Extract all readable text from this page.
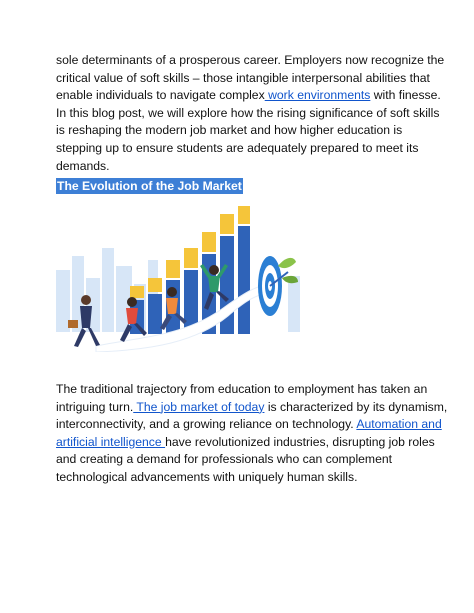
sole determinants of a prosperous career. Employers now recognize the
critical value of soft skills – those intangible interpersonal abilities that
enable individuals to navigate complex work environments with finesse.
In this blog post, we will explore how the rising significance of soft skills
is reshaping the modern job market and how higher education is
stepping up to ensure students are adequately prepared to meet its
demands.
The Evolution of the Job Market
The traditional trajectory from education to employment has taken an
intriguing turn. The job market of today is characterized by its dynamism,
interconnectivity, and a growing reliance on technology. Automation and
artificial intelligence have revolutionized industries, disrupting job roles
and creating a demand for professionals who can complement
technological advancements with uniquely human skills.
